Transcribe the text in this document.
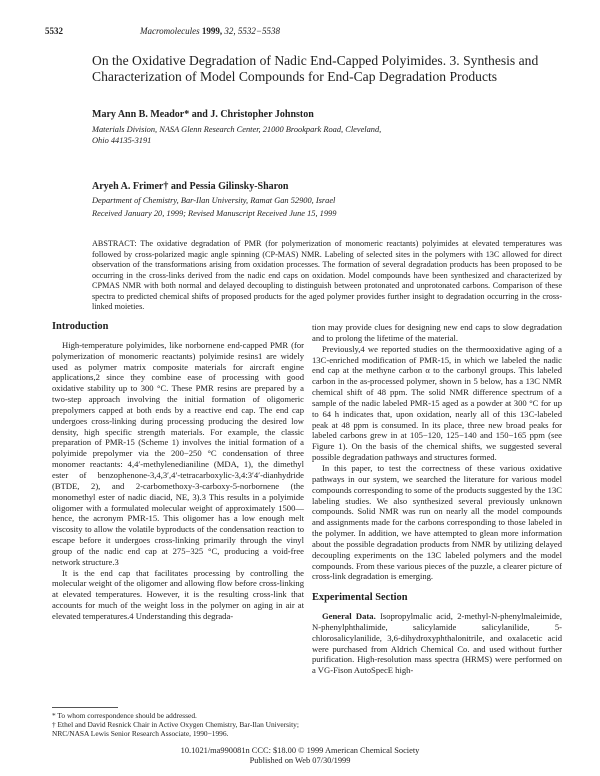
5532	Macromolecules 1999, 32, 5532−5538
On the Oxidative Degradation of Nadic End-Capped Polyimides. 3. Synthesis and Characterization of Model Compounds for End-Cap Degradation Products
Mary Ann B. Meador* and J. Christopher Johnston
Materials Division, NASA Glenn Research Center, 21000 Brookpark Road, Cleveland, Ohio 44135-3191
Aryeh A. Frimer† and Pessia Gilinsky-Sharon
Department of Chemistry, Bar-Ilan University, Ramat Gan 52900, Israel
Received January 20, 1999; Revised Manuscript Received June 15, 1999
ABSTRACT: The oxidative degradation of PMR (for polymerization of monomeric reactants) polyimides at elevated temperatures was followed by cross-polarized magic angle spinning (CP-MAS) NMR. Labeling of selected sites in the polymers with 13C allowed for direct observation of the transformations arising from oxidation processes. The formation of several degradation products has been proposed to be occurring in the cross-links derived from the nadic end caps on oxidation. Model compounds have been synthesized and characterized by CPMAS NMR with both normal and delayed decoupling to distinguish between protonated and unprotonated carbons. Comparison of these spectra to predicted chemical shifts of proposed products for the aged polymer provides further insight to degradation occurring in the cross-linked moieties.
Introduction

High-temperature polyimides, like norbornene end-capped PMR (for polymerization of monomeric reactants) polyimide resins1 are widely used as polymer matrix composite materials for aircraft engine applications,2 since they combine ease of processing with good oxidative stability up to 300 °C. These PMR resins are prepared by a two-step approach involving the initial formation of oligomeric prepolymers capped at both ends by a reactive end cap. The end cap undergoes cross-linking during processing producing the desired low density, high specific strength materials. For example, the classic preparation of PMR-15 (Scheme 1) involves the initial formation of a polyimide prepolymer via the 200−250 °C condensation of three monomer reactants: 4,4′-methylenedianiline (MDA, 1), the dimethyl ester of benzophenone-3,4,3′,4′-tetracarboxylic-3,4:3′4′-dianhydride (BTDE, 2), and 2-carbomethoxy-3-carboxy-5-norbornene (the monomethyl ester of nadic diacid, NE, 3).3 This results in a polyimide oligomer with a formulated molecular weight of approximately 1500— hence, the acronym PMR-15. This oligomer has a low enough melt viscosity to allow the volatile byproducts of the condensation reaction to escape before it undergoes cross-linking primarily through the vinyl group of the nadic end cap at 275−325 °C, producing a void-free network structure.3

It is the end cap that facilitates processing by controlling the molecular weight of the oligomer and allowing flow before cross-linking at elevated temperatures. However, it is the resulting cross-link that accounts for much of the weight loss in the polymer on aging in air at elevated temperatures.4 Understanding this degrada-

tion may provide clues for designing new end caps to slow degradation and to prolong the lifetime of the material.

Previously,4 we reported studies on the thermooxidative aging of a 13C-enriched modification of PMR-15, in which we labeled the nadic end cap at the methyne carbon α to the carbonyl groups. This labeled carbon in the as-processed polymer, shown in 5 below, has a 13C NMR chemical shift of 48 ppm. The solid NMR difference spectrum of a sample of the nadic labeled PMR-15 aged as a powder at 300 °C for up to 64 h indicates that, upon oxidation, nearly all of this 13C-labeled peak at 48 ppm is consumed. In its place, three new broad peaks for labeled carbons grew in at 105−120, 125−140 and 150−165 ppm (see Figure 1). On the basis of the chemical shifts, we suggested several possible degradation pathways and structures formed.

In this paper, to test the correctness of these various oxidative pathways in our system, we searched the literature for various model compounds corresponding to some of the products suggested by the 13C labeling studies. We also synthesized several previously unknown compounds. Solid NMR was run on nearly all the model compounds and assignments made for the carbons corresponding to those labeled in the polymer. In addition, we have attempted to glean more information about the possible degradation products from NMR by utilizing delayed decoupling experiments on the 13C labeled polymers and the model compounds. From these various pieces of the puzzle, a clearer picture of cross-link degradation is emerging.

Experimental Section

General Data. Isopropylmalic acid, 2-methyl-N-phenylmaleimide, N-phenylphthalimide, salicylamide salicylanilide, 5-chlorosalicylanilide, 3,6-dihydroxyphthalonitrile, and oxalacetic acid were purchased from Aldrich Chemical Co. and used without further purification. High-resolution mass spectra (HRMS) were performed on a VG-Fison AutoSpecE high-

* To whom correspondence should be addressed.
† Ethel and David Resnick Chair in Active Oxygen Chemistry, Bar-Ilan University; NRC/NASA Lewis Senior Research Associate, 1990−1996.
10.1021/ma990081n CCC: $18.00 © 1999 American Chemical Society
Published on Web 07/30/1999
